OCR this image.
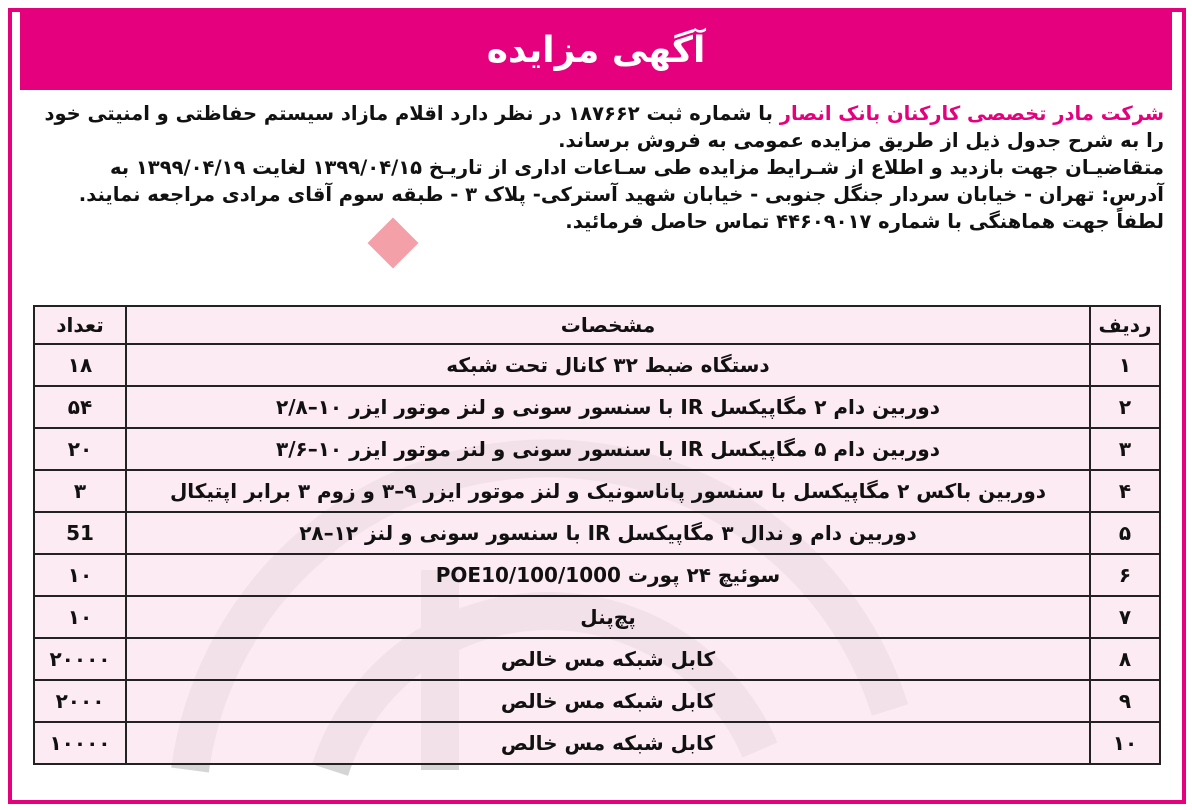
آگهی مزایده
شرکت مادر تخصصی کارکنان بانک انصار با شماره ثبت ۱۸۷۶۶۲ در نظر دارد اقلام مازاد سیستم حفاظتی و امنیتی خود
را به شرح جدول ذیل از طریق مزایده عمومی به فروش برساند.
متقاضیـان جهت بازدید و اطلاع از شـرایط مزایده طی سـاعات اداری از تاریـخ ۱۳۹۹/۰۴/۱۵ لغایت ۱۳۹۹/۰۴/۱۹ به
آدرس: تهران - خیابان سردار جنگل جنوبی - خیابان شهید آسترکی- پلاک ۳ - طبقه سوم آقای مرادی مراجعه نمایند.
لطفاً جهت هماهنگی با شماره ۴۴۶۰۹۰۱۷ تماس حاصل فرمائید.
ردیف	مشخصات	تعداد
۱	دستگاه ضبط ۳۲ کانال تحت شبکه	۱۸
۲	دوربین دام ۲ مگاپیکسل IR با سنسور سونی و لنز موتور ایزر ۱۰–۲/۸	۵۴
۳	دوربین دام ۵ مگاپیکسل IR با سنسور سونی و لنز موتور ایزر ۱۰–۳/۶	۲۰
۴	دوربین باکس ۲ مگاپیکسل با سنسور پاناسونیک و لنز موتور ایزر ۹–۳ و زوم ۳ برابر اپتیکال	۳
۵	دوربین دام و ندال ۳ مگاپیکسل IR با سنسور سونی و لنز ۱۲–۲۸	51
۶	سوئیچ ۲۴ پورت POE10/100/1000	۱۰
۷	پچ‌پنل	۱۰
۸	کابل شبکه مس خالص	۲۰۰۰۰
۹	کابل شبکه مس خالص	۲۰۰۰
۱۰	کابل شبکه مس خالص	۱۰۰۰۰
